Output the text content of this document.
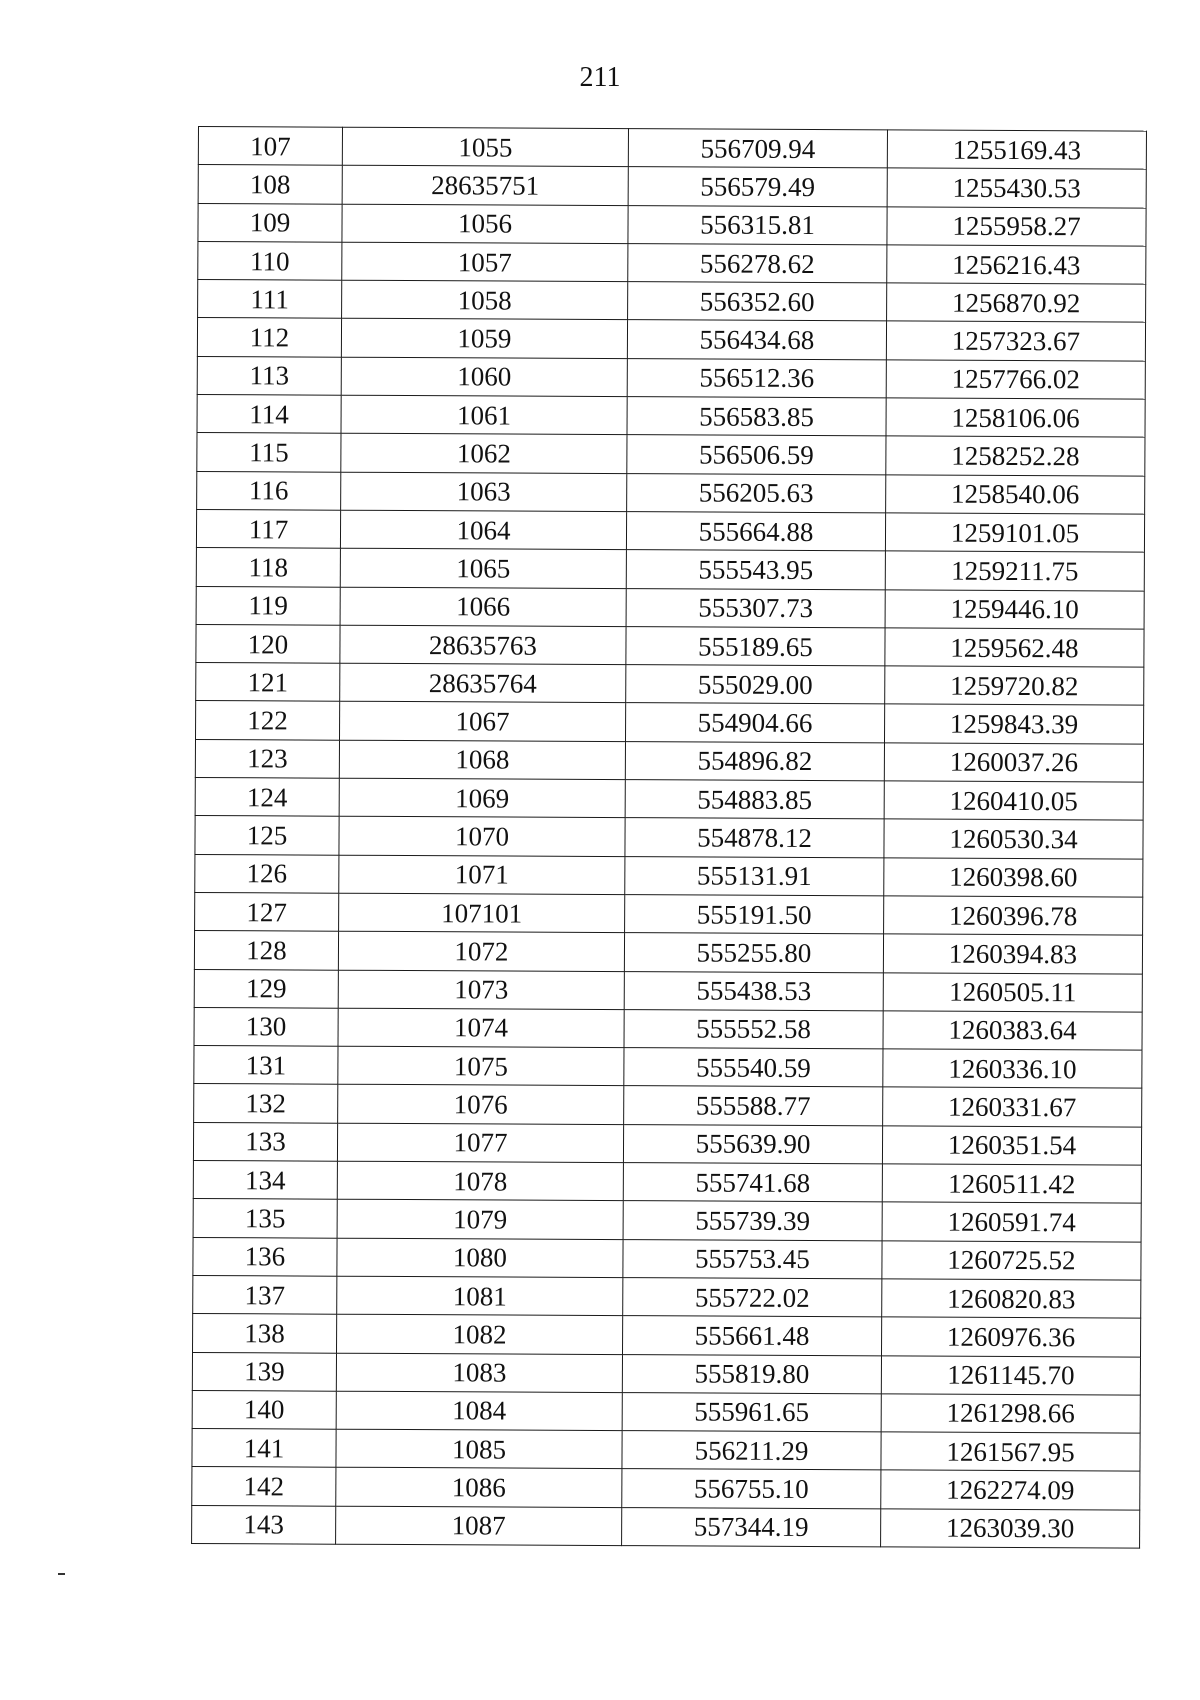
211
107	1055	556709.94	1255169.43
108	28635751	556579.49	1255430.53
109	1056	556315.81	1255958.27
110	1057	556278.62	1256216.43
111	1058	556352.60	1256870.92
112	1059	556434.68	1257323.67
113	1060	556512.36	1257766.02
114	1061	556583.85	1258106.06
115	1062	556506.59	1258252.28
116	1063	556205.63	1258540.06
117	1064	555664.88	1259101.05
118	1065	555543.95	1259211.75
119	1066	555307.73	1259446.10
120	28635763	555189.65	1259562.48
121	28635764	555029.00	1259720.82
122	1067	554904.66	1259843.39
123	1068	554896.82	1260037.26
124	1069	554883.85	1260410.05
125	1070	554878.12	1260530.34
126	1071	555131.91	1260398.60
127	107101	555191.50	1260396.78
128	1072	555255.80	1260394.83
129	1073	555438.53	1260505.11
130	1074	555552.58	1260383.64
131	1075	555540.59	1260336.10
132	1076	555588.77	1260331.67
133	1077	555639.90	1260351.54
134	1078	555741.68	1260511.42
135	1079	555739.39	1260591.74
136	1080	555753.45	1260725.52
137	1081	555722.02	1260820.83
138	1082	555661.48	1260976.36
139	1083	555819.80	1261145.70
140	1084	555961.65	1261298.66
141	1085	556211.29	1261567.95
142	1086	556755.10	1262274.09
143	1087	557344.19	1263039.30
